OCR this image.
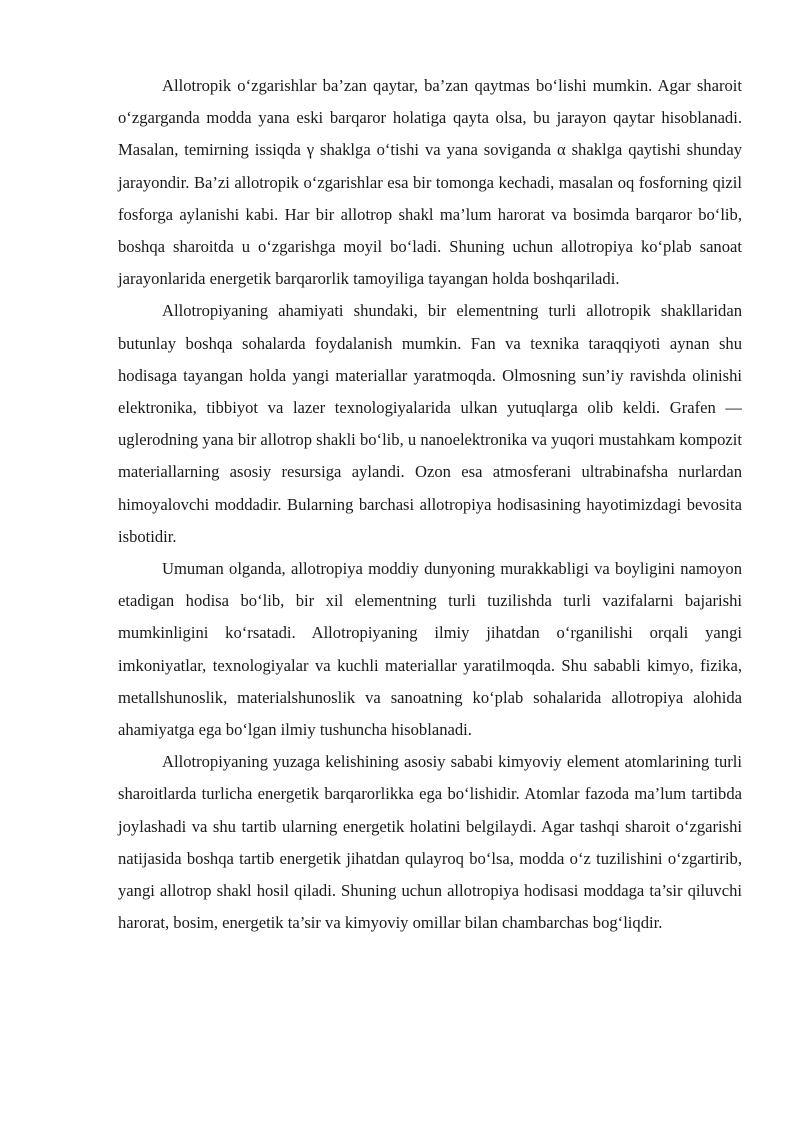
Allotropik o‘zgarishlar ba’zan qaytar, ba’zan qaytmas bo‘lishi mumkin. Agar sharoit o‘zgarganda modda yana eski barqaror holatiga qayta olsa, bu jarayon qaytar hisoblanadi. Masalan, temirning issiqda γ shaklga o‘tishi va yana soviganda α shaklga qaytishi shunday jarayondir. Ba’zi allotropik o‘zgarishlar esa bir tomonga kechadi, masalan oq fosforning qizil fosforga aylanishi kabi. Har bir allotrop shakl ma’lum harorat va bosimda barqaror bo‘lib, boshqa sharoitda u o‘zgarishga moyil bo‘ladi. Shuning uchun allotropiya ko‘plab sanoat jarayonlarida energetik barqarorlik tamoyiliga tayangan holda boshqariladi.

Allotropiyaning ahamiyati shundaki, bir elementning turli allotropik shakllaridan butunlay boshqa sohalarda foydalanish mumkin. Fan va texnika taraqqiyoti aynan shu hodisaga tayangan holda yangi materiallar yaratmoqda. Olmosning sun’iy ravishda olinishi elektronika, tibbiyot va lazer texnologiyalarida ulkan yutuqlarga olib keldi. Grafen — uglerodning yana bir allotrop shakli bo‘lib, u nanoelektronika va yuqori mustahkam kompozit materiallarning asosiy resursiga aylandi. Ozon esa atmosferani ultrabinafsha nurlardan himoyalovchi moddadir. Bularning barchasi allotropiya hodisasining hayotimizdagi bevosita isbotidir.

Umuman olganda, allotropiya moddiy dunyoning murakkabligi va boyligini namoyon etadigan hodisa bo‘lib, bir xil elementning turli tuzilishda turli vazifalarni bajarishi mumkinligini ko‘rsatadi. Allotropiyaning ilmiy jihatdan o‘rganilishi orqali yangi imkoniyatlar, texnologiyalar va kuchli materiallar yaratilmoqda. Shu sababli kimyo, fizika, metallshunoslik, materialshunoslik va sanoatning ko‘plab sohalarida allotropiya alohida ahamiyatga ega bo‘lgan ilmiy tushuncha hisoblanadi.

Allotropiyaning yuzaga kelishining asosiy sababi kimyoviy element atomlarining turli sharoitlarda turlicha energetik barqarorlikka ega bo‘lishidir. Atomlar fazoda ma’lum tartibda joylashadi va shu tartib ularning energetik holatini belgilaydi. Agar tashqi sharoit o‘zgarishi natijasida boshqa tartib energetik jihatdan qulayroq bo‘lsa, modda o‘z tuzilishini o‘zgartirib, yangi allotrop shakl hosil qiladi. Shuning uchun allotropiya hodisasi moddaga ta’sir qiluvchi harorat, bosim, energetik ta’sir va kimyoviy omillar bilan chambarchas bog‘liqdir.
